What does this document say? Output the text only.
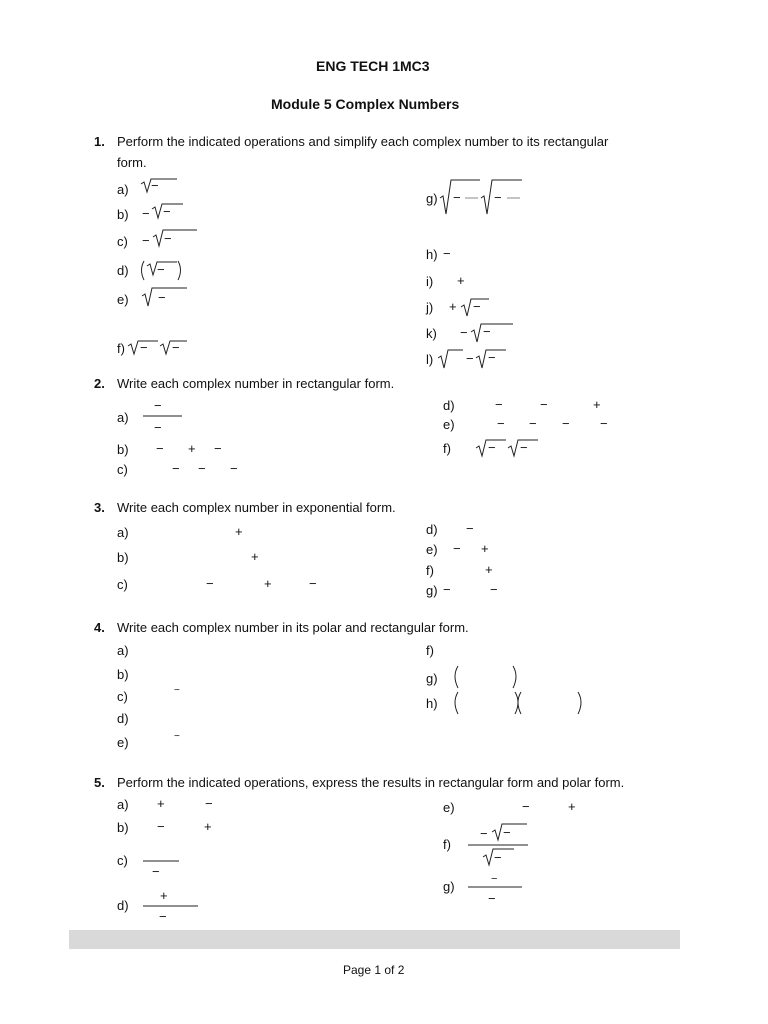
ENG TECH 1MC3
Module 5 Complex Numbers
1. Perform the indicated operations and simplify each complex number to its rectangular
form.
a) −
b) − −
c) − −
d) −
e) −
f) − −
g) −	−
h) −
i) +
j) + −
k) − −
l)	− −
2. Write each complex number in rectangular form.
a)
−
−
b) − + −
c)	− − −
d)	−	−	+
e)	− − − −
f)	− −
3. Write each complex number in exponential form.
a)	+
b)	+
c)	−	+	−
d) −
e) − +
f)	+
g) −	−
4. Write each complex number in its polar and rectangular form.
a)
b)
c)	−
d)
e)	−
f)
g)
h)
5. Perform the indicated operations, express the results in rectangular form and polar form.
a) +	−
b) −	+
c)
−
d)
+
−
e)	−	+
f)
− −
−
g)	−
−
Page 1 of 2
